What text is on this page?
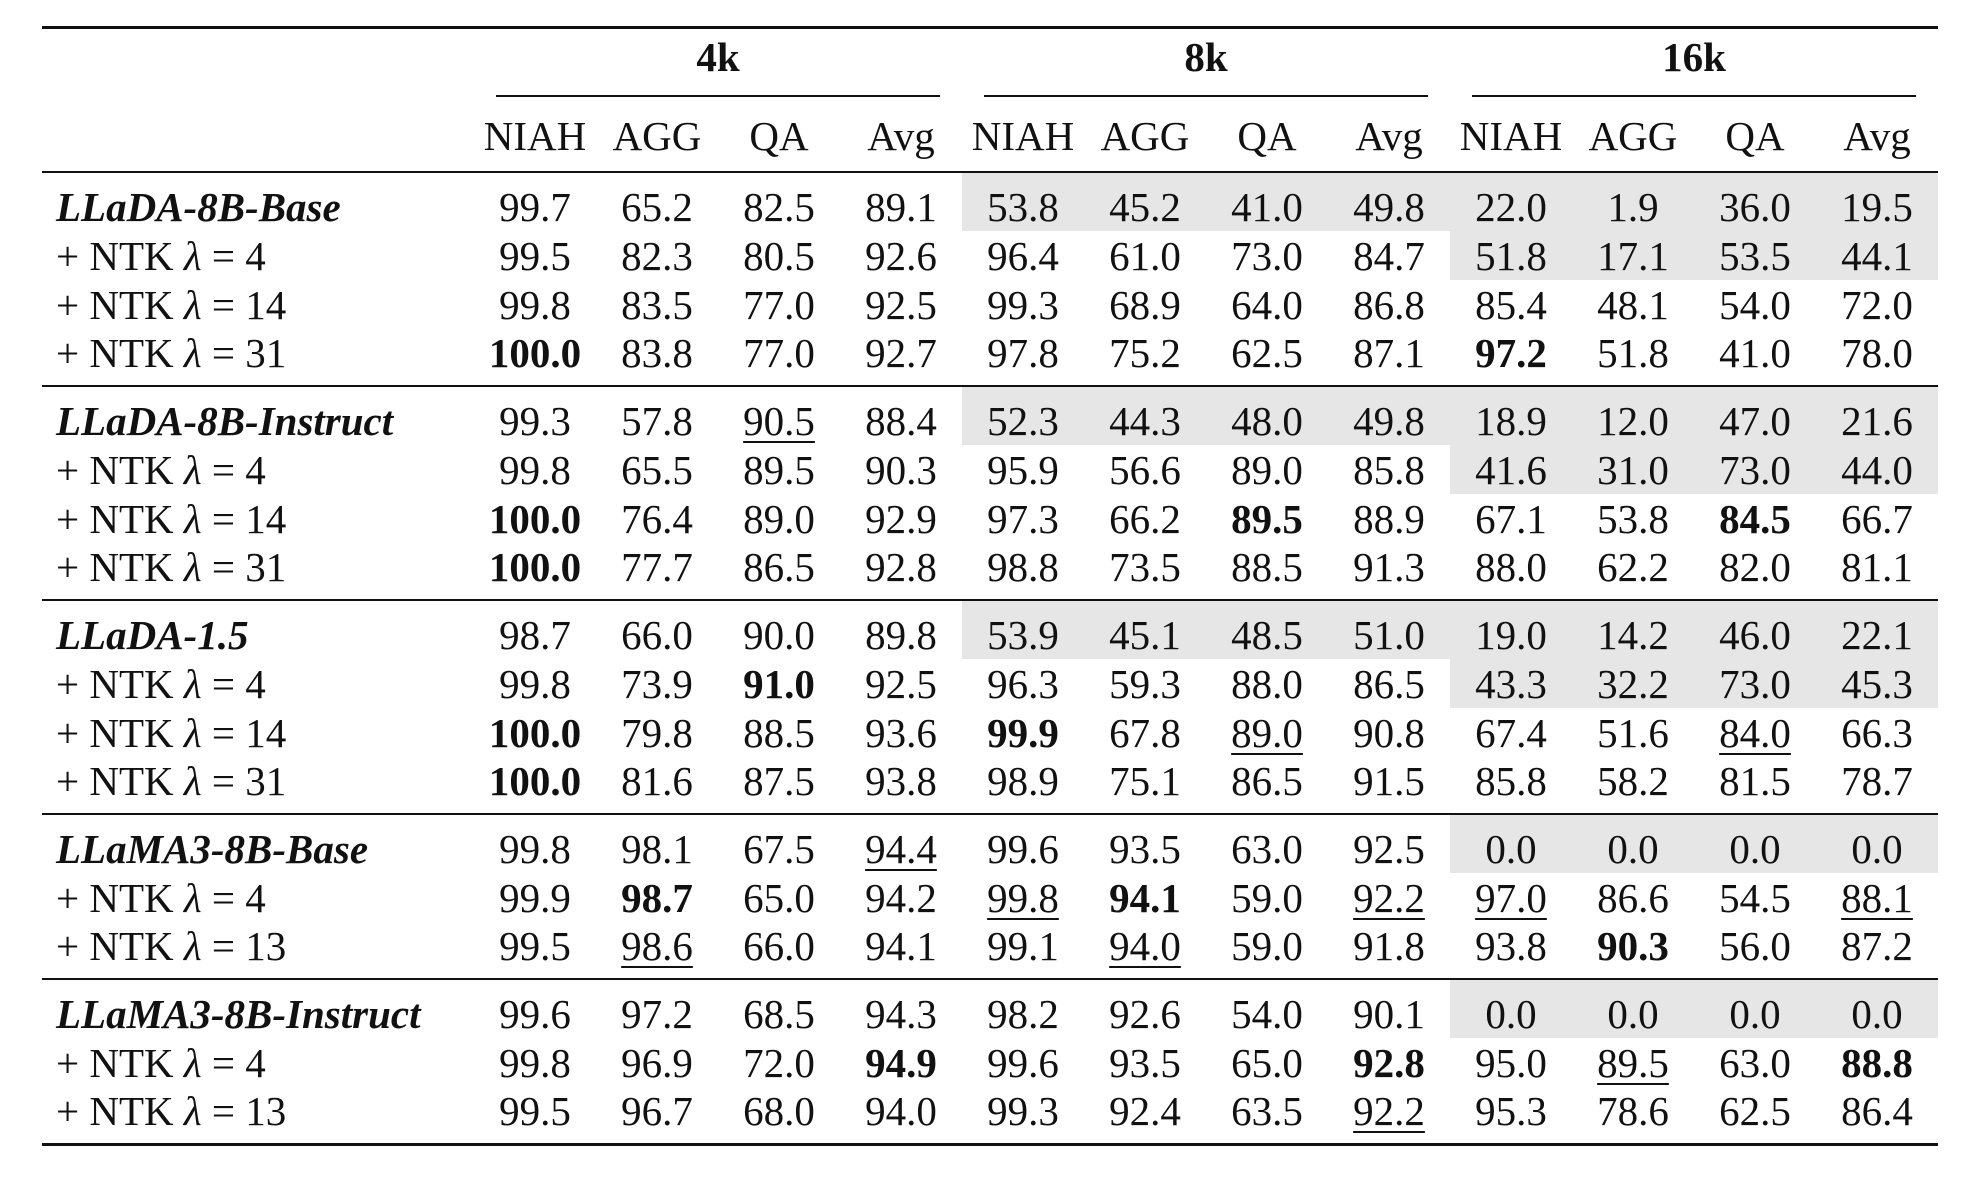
	4k				8k				16k			

	NIAH	AGG	QA	Avg	NIAH	AGG	QA	Avg	NIAH	AGG	QA	Avg
LLaDA-8B-Base	99.7	65.2	82.5	89.1	53.8	45.2	41.0	49.8	22.0	1.9	36.0	19.5
+ NTK λ = 4	99.5	82.3	80.5	92.6	96.4	61.0	73.0	84.7	51.8	17.1	53.5	44.1
+ NTK λ = 14	99.8	83.5	77.0	92.5	99.3	68.9	64.0	86.8	85.4	48.1	54.0	72.0
+ NTK λ = 31	100.0	83.8	77.0	92.7	97.8	75.2	62.5	87.1	97.2	51.8	41.0	78.0
LLaDA-8B-Instruct	99.3	57.8	90.5	88.4	52.3	44.3	48.0	49.8	18.9	12.0	47.0	21.6
+ NTK λ = 4	99.8	65.5	89.5	90.3	95.9	56.6	89.0	85.8	41.6	31.0	73.0	44.0
+ NTK λ = 14	100.0	76.4	89.0	92.9	97.3	66.2	89.5	88.9	67.1	53.8	84.5	66.7
+ NTK λ = 31	100.0	77.7	86.5	92.8	98.8	73.5	88.5	91.3	88.0	62.2	82.0	81.1
LLaDA-1.5	98.7	66.0	90.0	89.8	53.9	45.1	48.5	51.0	19.0	14.2	46.0	22.1
+ NTK λ = 4	99.8	73.9	91.0	92.5	96.3	59.3	88.0	86.5	43.3	32.2	73.0	45.3
+ NTK λ = 14	100.0	79.8	88.5	93.6	99.9	67.8	89.0	90.8	67.4	51.6	84.0	66.3
+ NTK λ = 31	100.0	81.6	87.5	93.8	98.9	75.1	86.5	91.5	85.8	58.2	81.5	78.7
LLaMA3-8B-Base	99.8	98.1	67.5	94.4	99.6	93.5	63.0	92.5	0.0	0.0	0.0	0.0
+ NTK λ = 4	99.9	98.7	65.0	94.2	99.8	94.1	59.0	92.2	97.0	86.6	54.5	88.1
+ NTK λ = 13	99.5	98.6	66.0	94.1	99.1	94.0	59.0	91.8	93.8	90.3	56.0	87.2
LLaMA3-8B-Instruct	99.6	97.2	68.5	94.3	98.2	92.6	54.0	90.1	0.0	0.0	0.0	0.0
+ NTK λ = 4	99.8	96.9	72.0	94.9	99.6	93.5	65.0	92.8	95.0	89.5	63.0	88.8
+ NTK λ = 13	99.5	96.7	68.0	94.0	99.3	92.4	63.5	92.2	95.3	78.6	62.5	86.4
